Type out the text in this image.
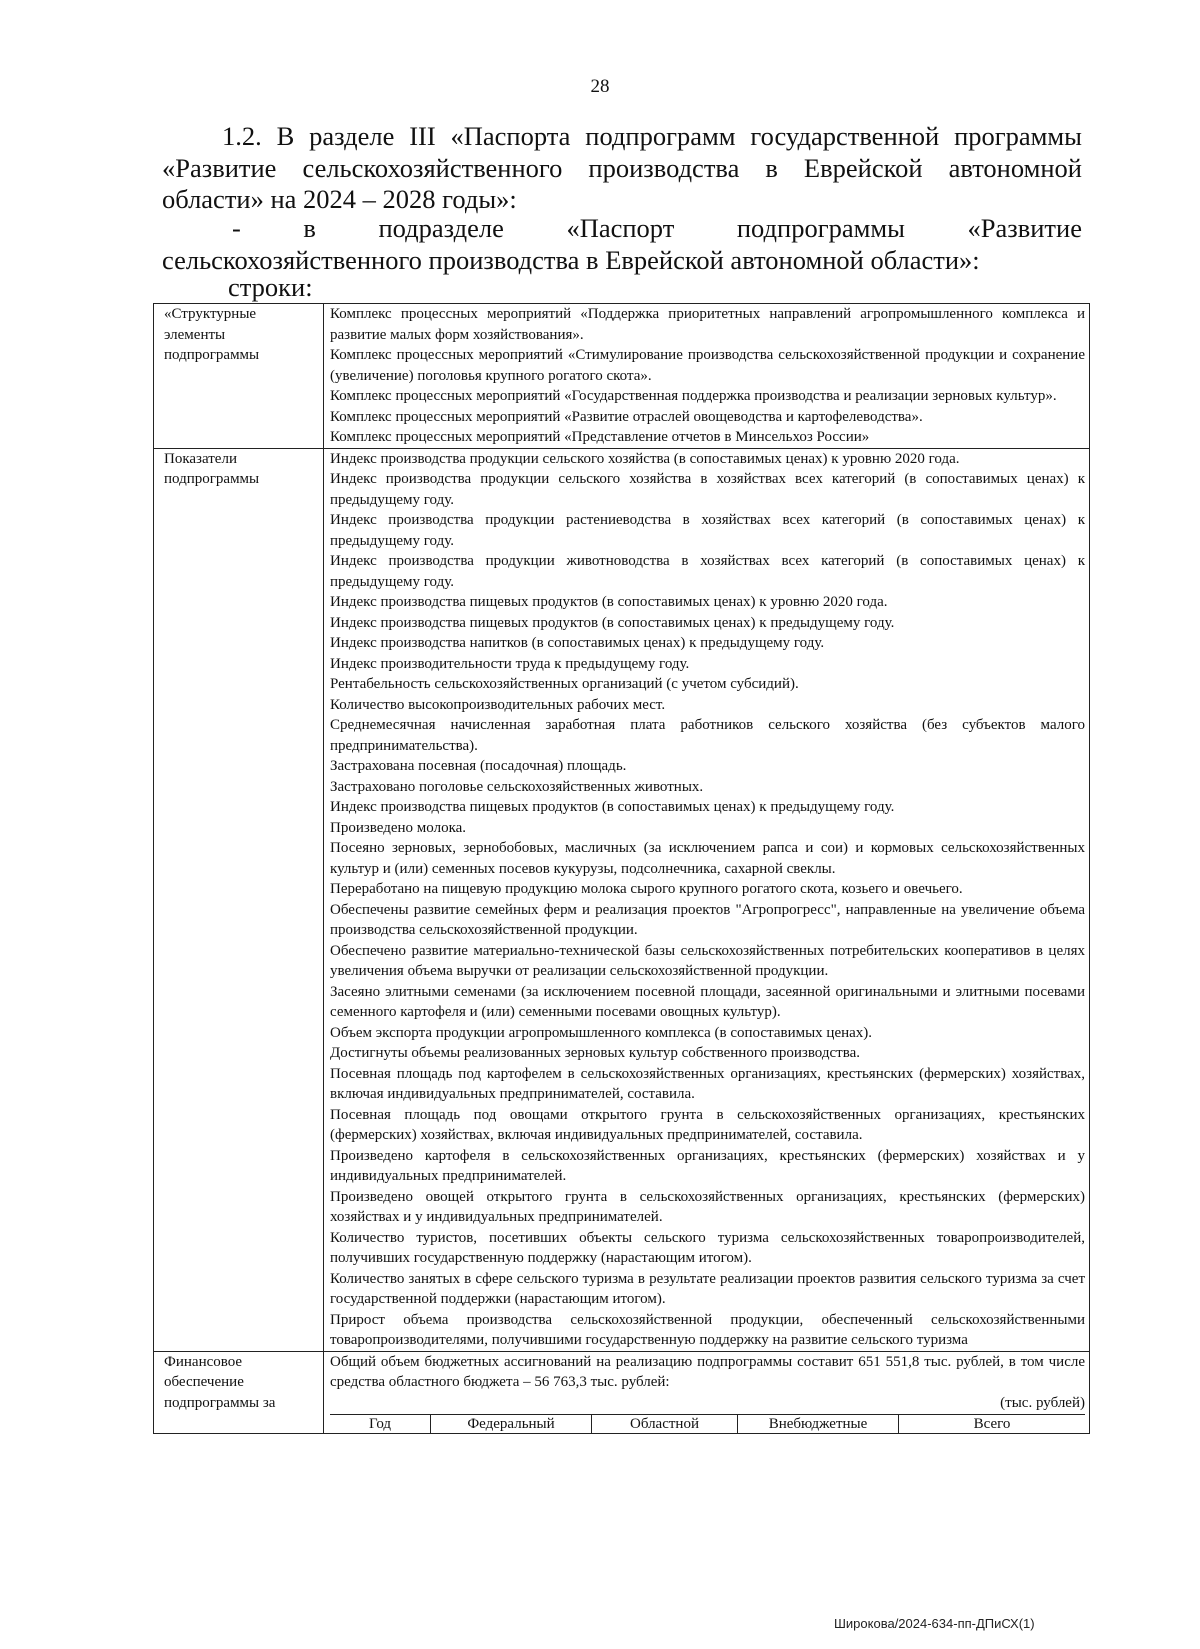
28
1.2. В разделе III «Паспорта подпрограмм государственной программы
«Развитие сельскохозяйственного производства в Еврейской автономной
области» на 2024 – 2028 годы»:
- в подразделе «Паспорт подпрограммы «Развитие
сельскохозяйственного производства в Еврейской автономной области»:
строки:
«Структурные элементы подпрограммы	
Комплекс процессных мероприятий «Поддержка приоритетных направлений агропромышленного комплекса и развитие малых форм хозяйствования».
Комплекс процессных мероприятий «Стимулирование производства сельскохозяйственной продукции и сохранение (увеличение) поголовья крупного рогатого скота».
Комплекс процессных мероприятий «Государственная поддержка производства и реализации зерновых культур».
Комплекс процессных мероприятий «Развитие отраслей овощеводства и картофелеводства».
Комплекс процессных мероприятий «Представление отчетов в Минсельхоз России»

Показатели подпрограммы	
Индекс производства продукции сельского хозяйства (в сопоставимых ценах) к уровню 2020 года.
Индекс производства продукции сельского хозяйства в хозяйствах всех категорий (в сопоставимых ценах) к предыдущему году.
Индекс производства продукции растениеводства в хозяйствах всех категорий (в сопоставимых ценах) к предыдущему году.
Индекс производства продукции животноводства в хозяйствах всех категорий (в сопоставимых ценах) к предыдущему году.
Индекс производства пищевых продуктов (в сопоставимых ценах) к уровню 2020 года.
Индекс производства пищевых продуктов (в сопоставимых ценах) к предыдущему году.
Индекс производства напитков (в сопоставимых ценах) к предыдущему году.
Индекс производительности труда к предыдущему году.
Рентабельность сельскохозяйственных организаций (с учетом субсидий).
Количество высокопроизводительных рабочих мест.
Среднемесячная начисленная заработная плата работников сельского хозяйства (без субъектов малого предпринимательства).
Застрахована посевная (посадочная) площадь.
Застраховано поголовье сельскохозяйственных животных.
Индекс производства пищевых продуктов (в сопоставимых ценах) к предыдущему году.
Произведено молока.
Посеяно зерновых, зернобобовых, масличных (за исключением рапса и сои) и кормовых сельскохозяйственных культур и (или) семенных посевов кукурузы, подсолнечника, сахарной свеклы.
Переработано на пищевую продукцию молока сырого крупного рогатого скота, козьего и овечьего.
Обеспечены развитие семейных ферм и реализация проектов "Агропрогресс", направленные на увеличение объема производства сельскохозяйственной продукции.
Обеспечено развитие материально-технической базы сельскохозяйственных потребительских кооперативов в целях увеличения объема выручки от реализации сельскохозяйственной продукции.
Засеяно элитными семенами (за исключением посевной площади, засеянной оригинальными и элитными посевами семенного картофеля и (или) семенными посевами овощных культур).
Объем экспорта продукции агропромышленного комплекса (в сопоставимых ценах).
Достигнуты объемы реализованных зерновых культур собственного производства.
Посевная площадь под картофелем в сельскохозяйственных организациях, крестьянских (фермерских) хозяйствах, включая индивидуальных предпринимателей, составила.
Посевная площадь под овощами открытого грунта в сельскохозяйственных организациях, крестьянских (фермерских) хозяйствах, включая индивидуальных предпринимателей, составила.
Произведено картофеля в сельскохозяйственных организациях, крестьянских (фермерских) хозяйствах и у индивидуальных предпринимателей.
Произведено овощей открытого грунта в сельскохозяйственных организациях, крестьянских (фермерских) хозяйствах и у индивидуальных предпринимателей.
Количество туристов, посетивших объекты сельского туризма сельскохозяйственных товаропроизводителей, получивших государственную поддержку (нарастающим итогом).
Количество занятых в сфере сельского туризма в результате реализации проектов развития сельского туризма за счет государственной поддержки (нарастающим итогом).
Прирост объема производства сельскохозяйственной продукции, обеспеченный сельскохозяйственными товаропроизводителями, получившими государственную поддержку на развитие сельского туризма

Финансовое обеспечение подпрограммы за	
Общий объем бюджетных ассигнований на реализацию подпрограммы составит 651 551,8 тыс. рублей, в том числе средства областного бюджета – 56 763,3 тыс. рублей:
(тыс. рублей)
Год	Федеральный	Областной	Внебюджетные	Всего
Широкова/2024-634-пп-ДПиСХ(1)
